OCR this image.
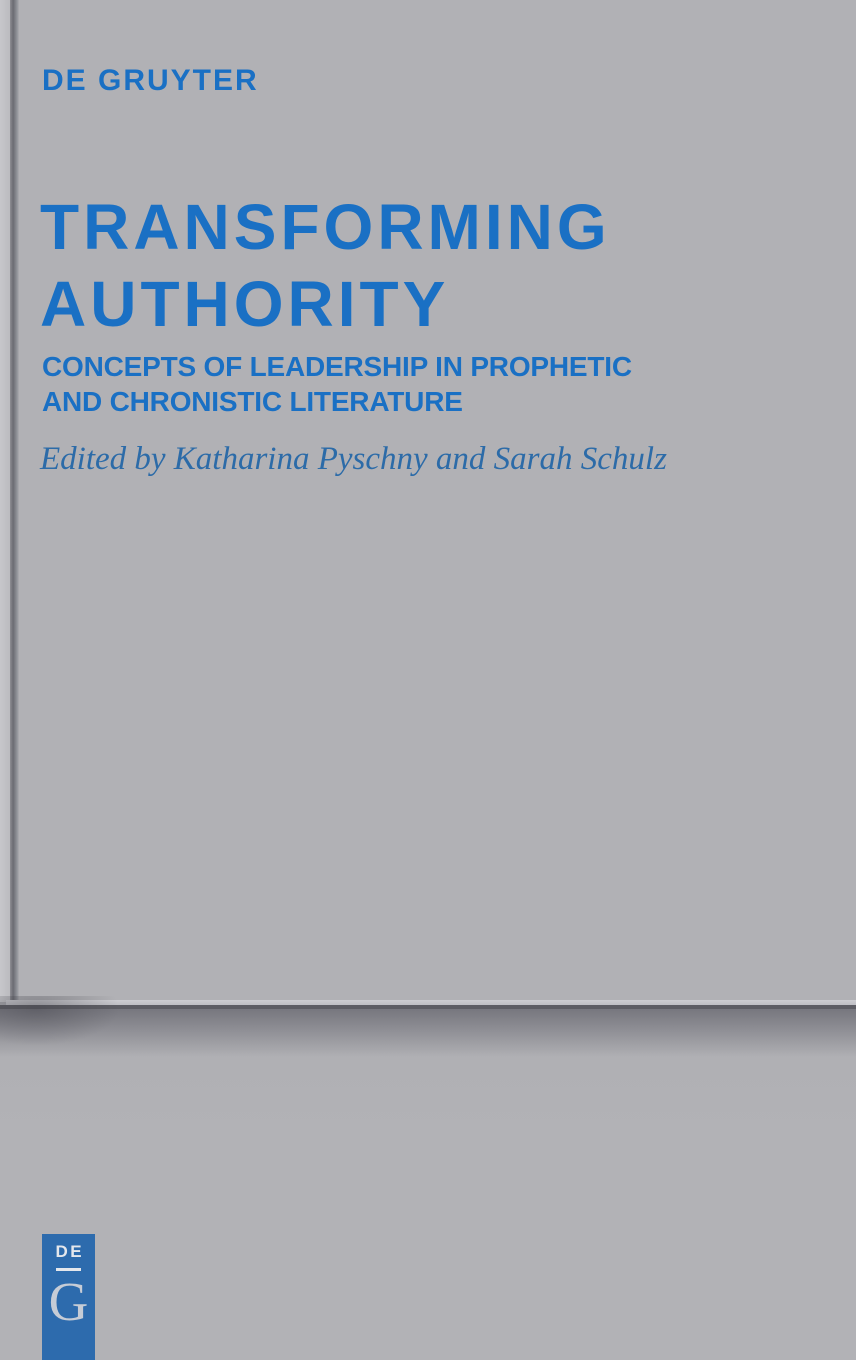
DE GRUYTER
TRANSFORMING
AUTHORITY
CONCEPTS OF LEADERSHIP IN PROPHETIC
AND CHRONISTIC LITERATURE
Edited by Katharina Pyschny and Sarah Schulz
DE
G
